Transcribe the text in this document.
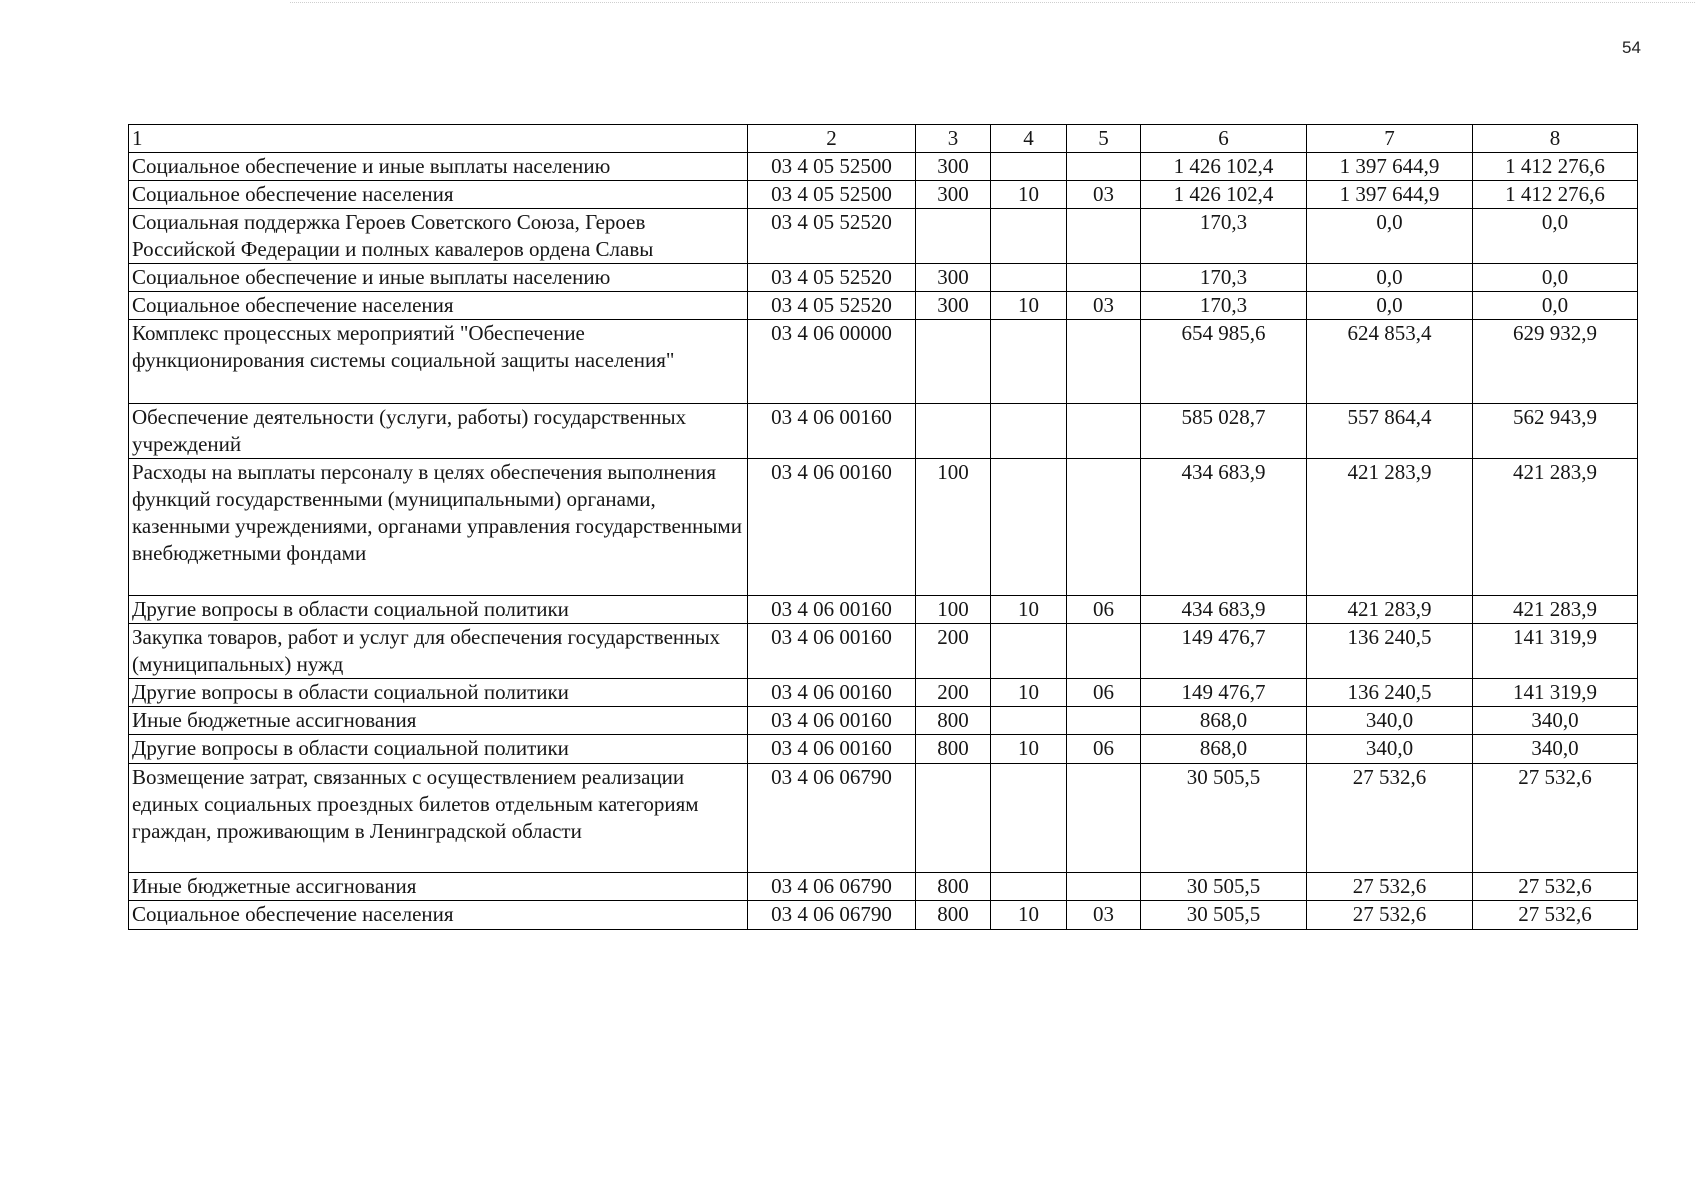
54
1	2	3	4	5	6	7	8
Социальное обеспечение и иные выплаты населению	03 4 05 52500	300			1 426 102,4	1 397 644,9	1 412 276,6
Социальное обеспечение населения	03 4 05 52500	300	10	03	1 426 102,4	1 397 644,9	1 412 276,6
Социальная поддержка Героев Советского Союза, Героев Российской Федерации и полных кавалеров ордена Славы	03 4 05 52520				170,3	0,0	0,0
Социальное обеспечение и иные выплаты населению	03 4 05 52520	300			170,3	0,0	0,0
Социальное обеспечение населения	03 4 05 52520	300	10	03	170,3	0,0	0,0
Комплекс процессных мероприятий "Обеспечение функционирования системы социальной защиты населения"	03 4 06 00000				654 985,6	624 853,4	629 932,9
Обеспечение деятельности (услуги, работы) государственных учреждений	03 4 06 00160				585 028,7	557 864,4	562 943,9
Расходы на выплаты персоналу в целях обеспечения выполнения функций государственными (муниципальными) органами, казенными учреждениями, органами управления государственными внебюджетными фондами	03 4 06 00160	100			434 683,9	421 283,9	421 283,9
Другие вопросы в области социальной политики	03 4 06 00160	100	10	06	434 683,9	421 283,9	421 283,9
Закупка товаров, работ и услуг для обеспечения государственных (муниципальных) нужд	03 4 06 00160	200			149 476,7	136 240,5	141 319,9
Другие вопросы в области социальной политики	03 4 06 00160	200	10	06	149 476,7	136 240,5	141 319,9
Иные бюджетные ассигнования	03 4 06 00160	800			868,0	340,0	340,0
Другие вопросы в области социальной политики	03 4 06 00160	800	10	06	868,0	340,0	340,0
Возмещение затрат, связанных с осуществлением реализации единых социальных проездных билетов отдельным категориям граждан, проживающим в Ленинградской области	03 4 06 06790				30 505,5	27 532,6	27 532,6
Иные бюджетные ассигнования	03 4 06 06790	800			30 505,5	27 532,6	27 532,6
Социальное обеспечение населения	03 4 06 06790	800	10	03	30 505,5	27 532,6	27 532,6
